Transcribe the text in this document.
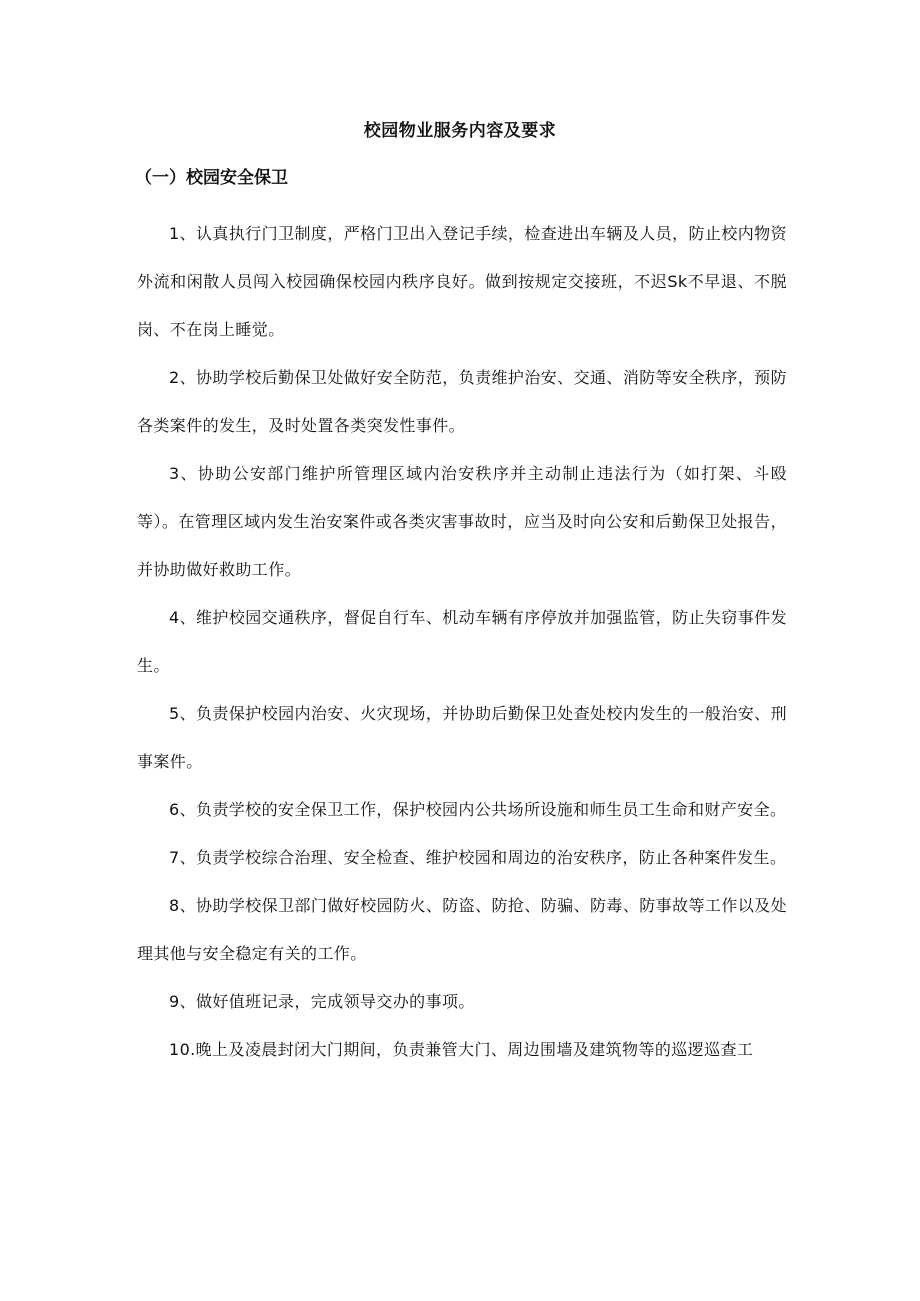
校园物业服务内容及要求
（一）校园安全保卫

1、认真执行门卫制度，严格门卫出入登记手续，检查进出车辆及人员，防止校内物资外流和闲散人员闯入校园确保校园内秩序良好。做到按规定交接班，不迟Sk不早退、不脱岗、不在岗上睡觉。

2、协助学校后勤保卫处做好安全防范，负责维护治安、交通、消防等安全秩序，预防各类案件的发生，及时处置各类突发性事件。

3、协助公安部门维护所管理区域内治安秩序并主动制止违法行为（如打架、斗殴等）。在管理区域内发生治安案件或各类灾害事故时，应当及时向公安和后勤保卫处报告，并协助做好救助工作。

4、维护校园交通秩序，督促自行车、机动车辆有序停放并加强监管，防止失窃事件发生。

5、负责保护校园内治安、火灾现场，并协助后勤保卫处查处校内发生的一般治安、刑事案件。

6、负责学校的安全保卫工作，保护校园内公共场所设施和师生员工生命和财产安全。

7、负责学校综合治理、安全检查、维护校园和周边的治安秩序，防止各种案件发生。

8、协助学校保卫部门做好校园防火、防盗、防抢、防骗、防毒、防事故等工作以及处理其他与安全稳定有关的工作。

9、做好值班记录，完成领导交办的事项。

10.晚上及凌晨封闭大门期间，负责兼管大门、周边围墙及建筑物等的巡逻巡查工
